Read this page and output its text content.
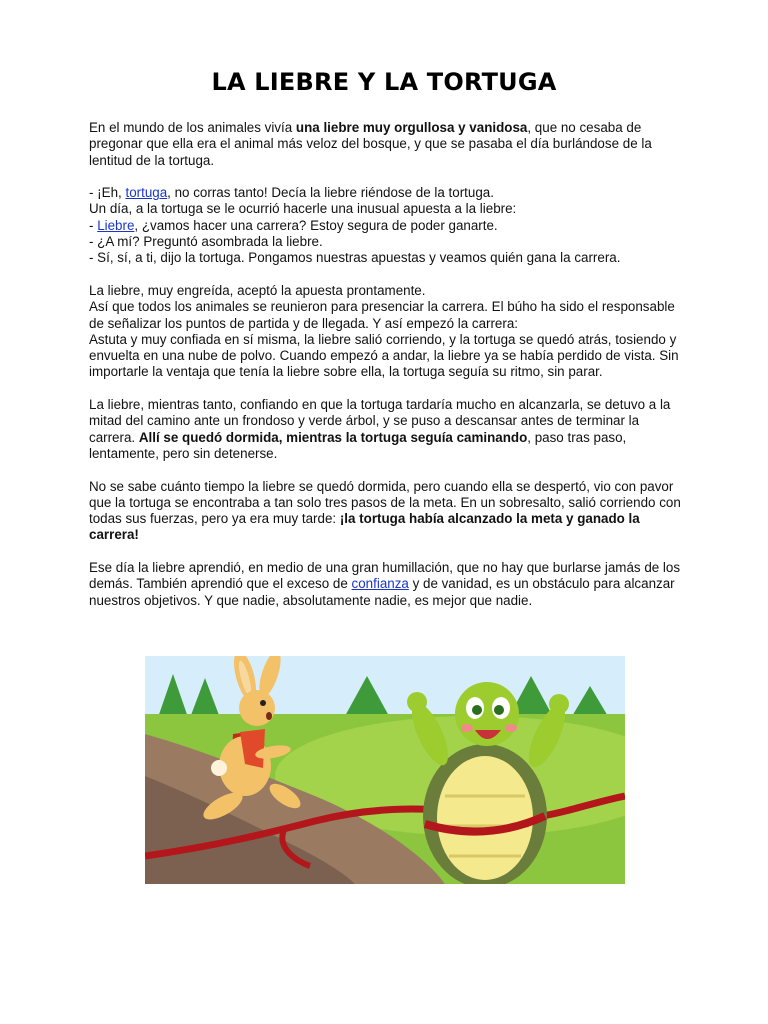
LA LIEBRE Y LA TORTUGA

En el mundo de los animales vivía una liebre muy orgullosa y vanidosa, que no cesaba de pregonar que ella era el animal más veloz del bosque, y que se pasaba el día burlándose de la lentitud de la tortuga.

- ¡Eh, tortuga, no corras tanto! Decía la liebre riéndose de la tortuga.
Un día, a la tortuga se le ocurrió hacerle una inusual apuesta a la liebre:
- Liebre, ¿vamos hacer una carrera? Estoy segura de poder ganarte.
- ¿A mí? Preguntó asombrada la liebre.
- Sí, sí, a ti, dijo la tortuga. Pongamos nuestras apuestas y veamos quién gana la carrera.

La liebre, muy engreída, aceptó la apuesta prontamente.
Así que todos los animales se reunieron para presenciar la carrera. El búho ha sido el responsable de señalizar los puntos de partida y de llegada. Y así empezó la carrera:
Astuta y muy confiada en sí misma, la liebre salió corriendo, y la tortuga se quedó atrás, tosiendo y envuelta en una nube de polvo. Cuando empezó a andar, la liebre ya se había perdido de vista. Sin importarle la ventaja que tenía la liebre sobre ella, la tortuga seguía su ritmo, sin parar.

La liebre, mientras tanto, confiando en que la tortuga tardaría mucho en alcanzarla, se detuvo a la mitad del camino ante un frondoso y verde árbol, y se puso a descansar antes de terminar la carrera. Allí se quedó dormida, mientras la tortuga seguía caminando, paso tras paso, lentamente, pero sin detenerse.

No se sabe cuánto tiempo la liebre se quedó dormida, pero cuando ella se despertó, vio con pavor que la tortuga se encontraba a tan solo tres pasos de la meta. En un sobresalto, salió corriendo con todas sus fuerzas, pero ya era muy tarde: ¡la tortuga había alcanzado la meta y ganado la carrera!

Ese día la liebre aprendió, en medio de una gran humillación, que no hay que burlarse jamás de los demás. También aprendió que el exceso de confianza y de vanidad, es un obstáculo para alcanzar nuestros objetivos. Y que nadie, absolutamente nadie, es mejor que nadie.
